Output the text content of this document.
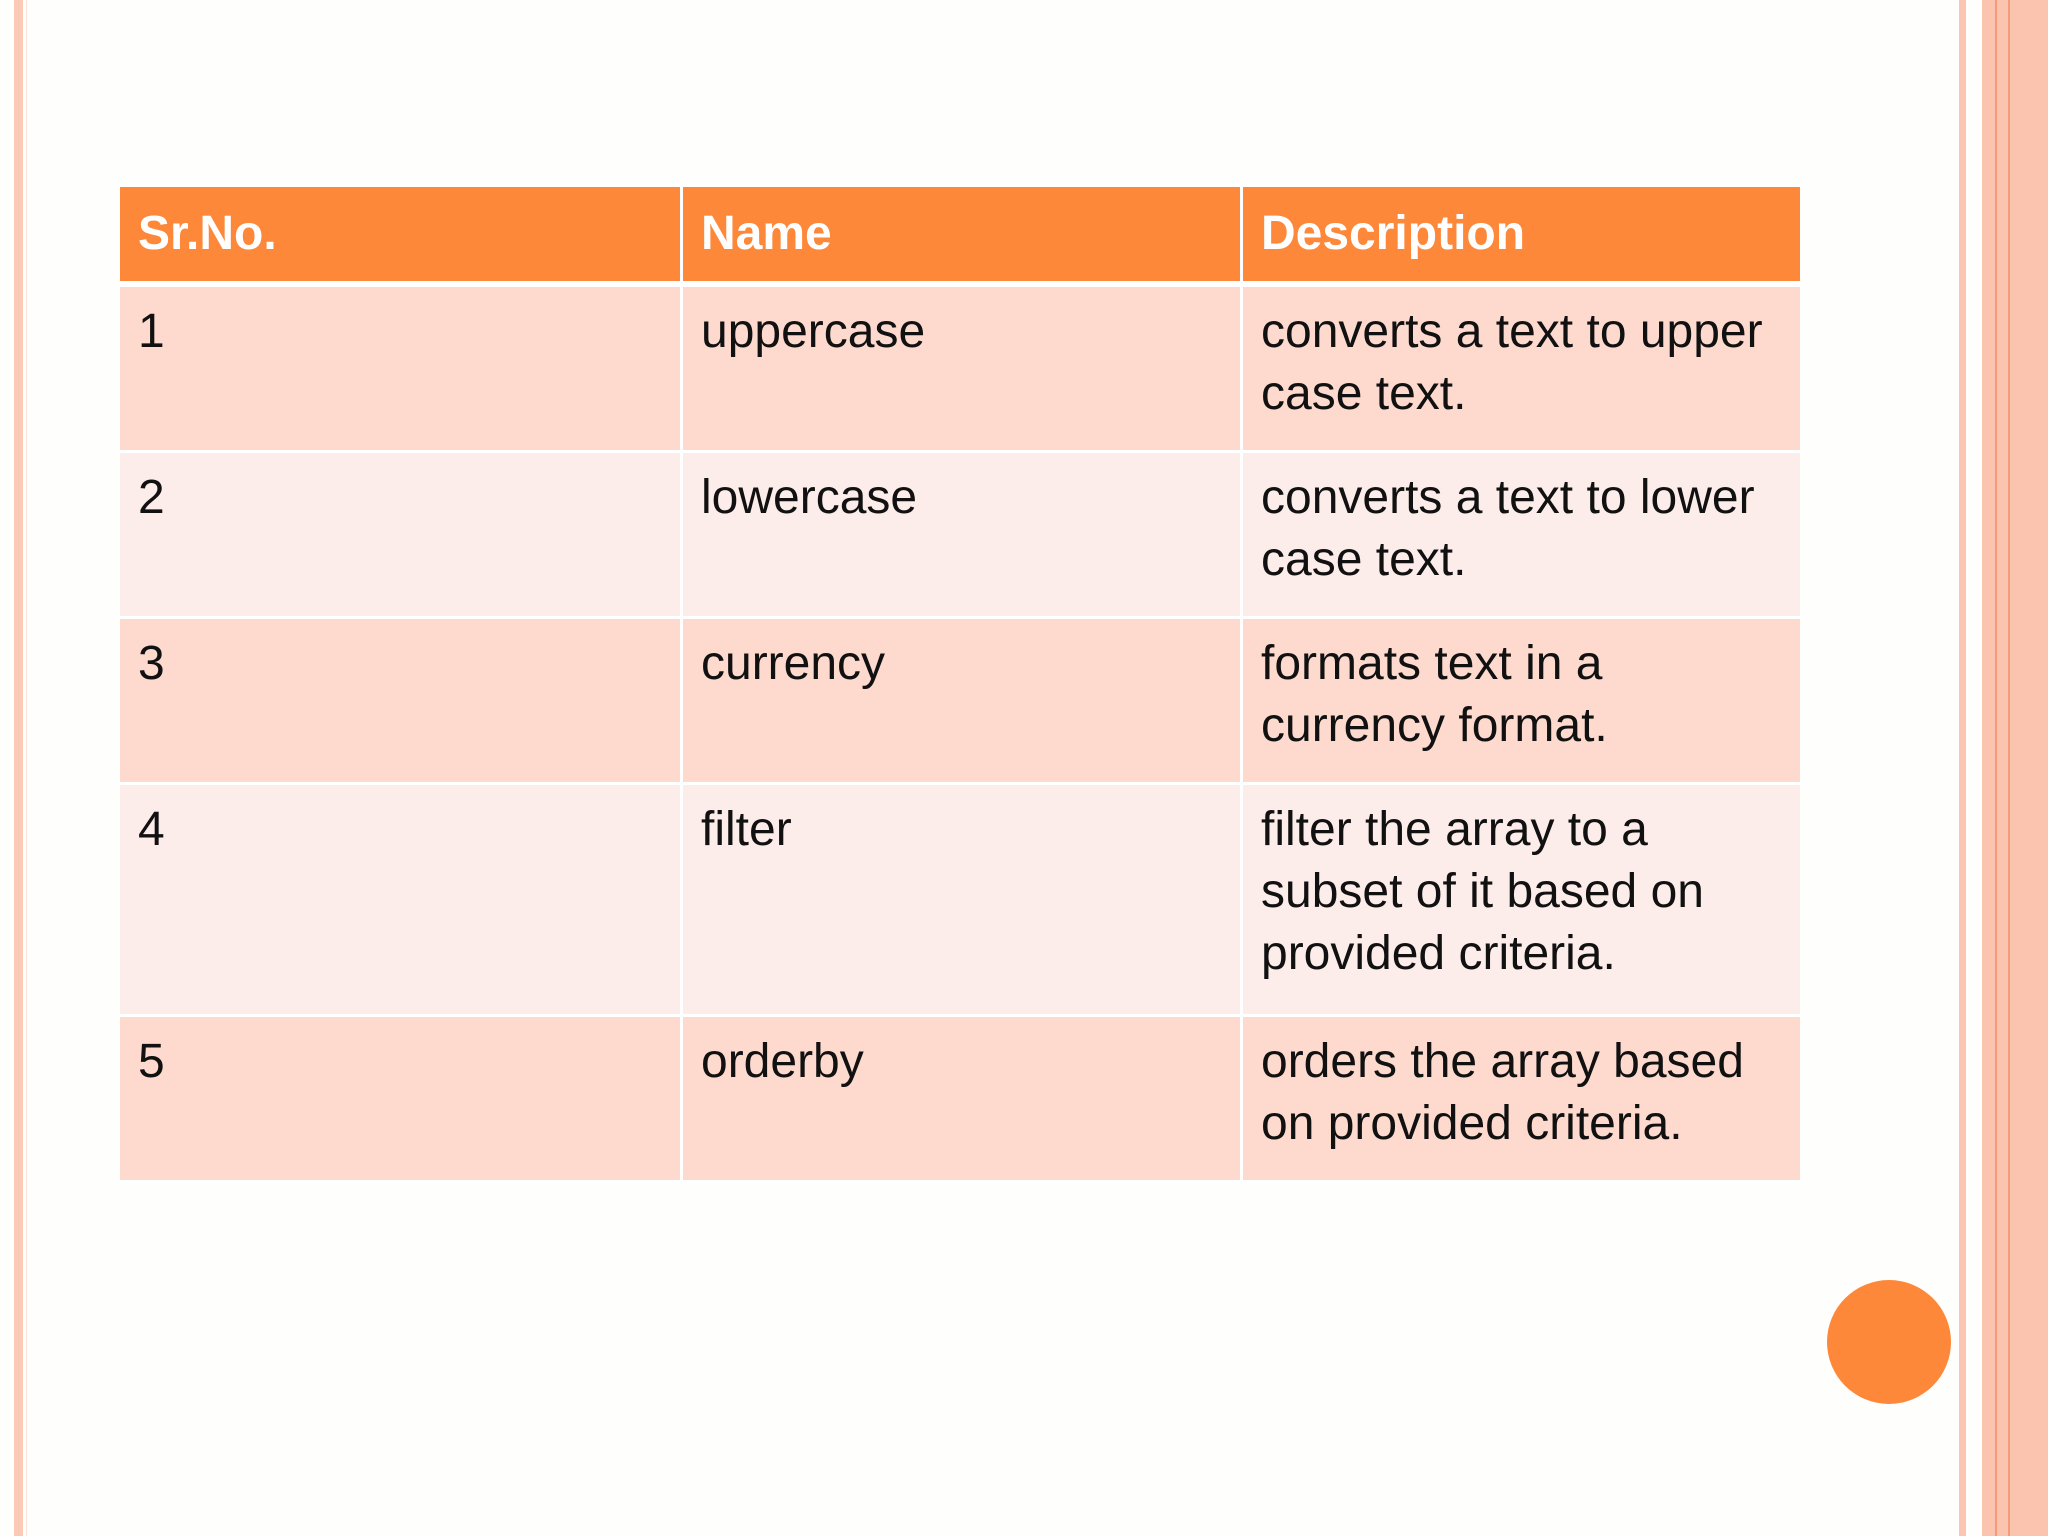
Sr.No.	Name	Description
1	uppercase	converts a text to upper case text.
2	lowercase	converts a text to lower case text.
3	currency	formats text in a currency format.
4	filter	filter the array to a subset of it based on provided criteria.
5	orderby	orders the array based on provided criteria.
